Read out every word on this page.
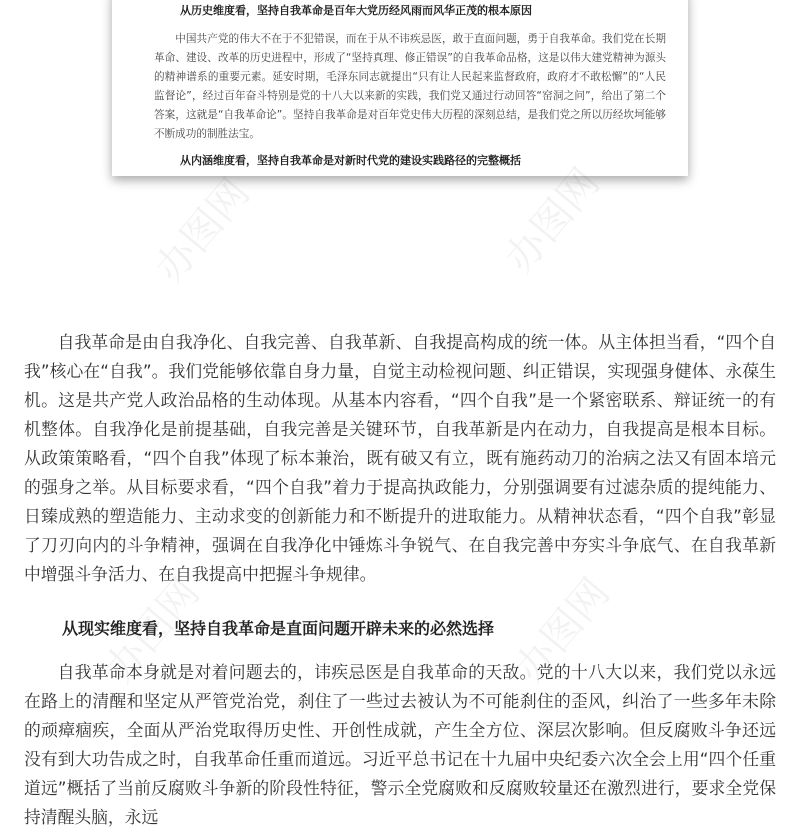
从历史维度看，坚持自我革命是百年大党历经风雨而风华正茂的根本原因
中国共产党的伟大不在于不犯错误，而在于从不讳疾忌医，敢于直面问题，勇于自我革命。我们党在长期革命、建设、改革的历史进程中，形成了“坚持真理、修正错误”的自我革命品格，这是以伟大建党精神为源头的精神谱系的重要元素。延安时期，毛泽东同志就提出“只有让人民起来监督政府，政府才不敢松懈”的“人民监督论”，经过百年奋斗特别是党的十八大以来新的实践，我们党又通过行动回答“窑洞之问”，给出了第二个答案，这就是“自我革命论”。坚持自我革命是对百年党史伟大历程的深刻总结，是我们党之所以历经坎坷能够不断成功的制胜法宝。
从内涵维度看，坚持自我革命是对新时代党的建设实践路径的完整概括
办图网	办图网
办图网	办图网

自我革命是由自我净化、自我完善、自我革新、自我提高构成的统一体。从主体担当看，“四个自我”核心在“自我”。我们党能够依靠自身力量，自觉主动检视问题、纠正错误，实现强身健体、永葆生机。这是共产党人政治品格的生动体现。从基本内容看，“四个自我”是一个紧密联系、辩证统一的有机整体。自我净化是前提基础，自我完善是关键环节，自我革新是内在动力，自我提高是根本目标。从政策策略看，“四个自我”体现了标本兼治，既有破又有立，既有施药动刀的治病之法又有固本培元的强身之举。从目标要求看，“四个自我”着力于提高执政能力，分别强调要有过滤杂质的提纯能力、日臻成熟的塑造能力、主动求变的创新能力和不断提升的进取能力。从精神状态看，“四个自我”彰显了刀刃向内的斗争精神，强调在自我净化中锤炼斗争锐气、在自我完善中夯实斗争底气、在自我革新中增强斗争活力、在自我提高中把握斗争规律。

从现实维度看，坚持自我革命是直面问题开辟未来的必然选择

自我革命本身就是对着问题去的，讳疾忌医是自我革命的天敌。党的十八大以来，我们党以永远在路上的清醒和坚定从严管党治党，刹住了一些过去被认为不可能刹住的歪风，纠治了一些多年未除的顽瘴痼疾，全面从严治党取得历史性、开创性成就，产生全方位、深层次影响。但反腐败斗争还远没有到大功告成之时，自我革命任重而道远。习近平总书记在十九届中央纪委六次全会上用“四个任重道远”概括了当前反腐败斗争新的阶段性特征，警示全党腐败和反腐败较量还在激烈进行，要求全党保持清醒头脑，永远
